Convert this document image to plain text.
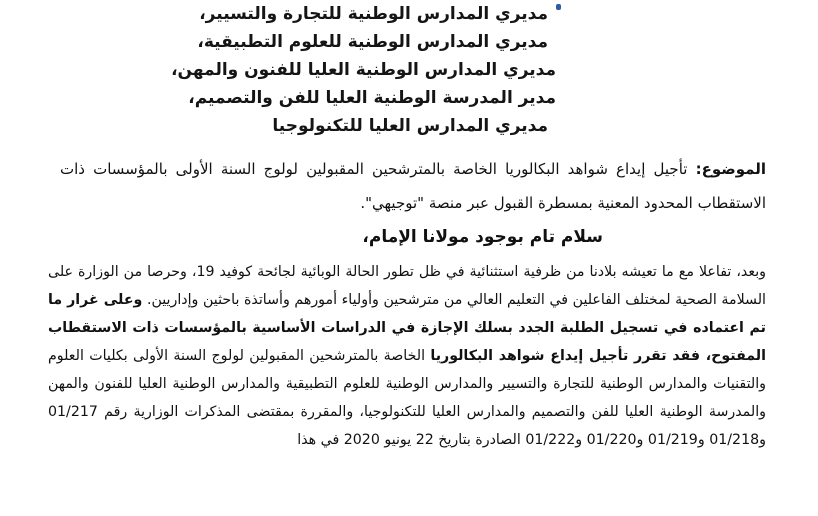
مديري المدارس الوطنية للتجارة والتسيير،
مديري المدارس الوطنية للعلوم التطبيقية،
مديري المدارس الوطنية العليا للفنون والمهن،
مدير المدرسة الوطنية العليا للفن والتصميم،
مديري المدارس العليا للتكنولوجيا
الموضوع: تأجيل إيداع شواهد البكالوريا الخاصة بالمترشحين المقبولين لولوج السنة الأولى بالمؤسسات ذات الاستقطاب المحدود المعنية بمسطرة القبول عبر منصة "توجيهي".
سلام تام بوجود مولانا الإمام،
وبعد، تفاعلا مع ما تعيشه بلادنا من ظرفية استثنائية في ظل تطور الحالة الوبائية لجائحة كوفيد 19، وحرصا من الوزارة على السلامة الصحية لمختلف الفاعلين في التعليم العالي من مترشحين وأولياء أمورهم وأساتذة باحثين وإداريين. وعلى غرار ما تم اعتماده في تسجيل الطلبة الجدد بسلك الإجازة في الدراسات الأساسية بالمؤسسات ذات الاستقطاب المفتوح، فقد تقرر تأجيل إيداع شواهد البكالوريا الخاصة بالمترشحين المقبولين لولوج السنة الأولى بكليات العلوم والتقنيات والمدارس الوطنية للتجارة والتسيير والمدارس الوطنية للعلوم التطبيقية والمدارس الوطنية العليا للفنون والمهن والمدرسة الوطنية العليا للفن والتصميم والمدارس العليا للتكنولوجيا، والمقررة بمقتضى المذكرات الوزارية رقم 01/217 و01/218 و01/219 و01/220 و01/222 الصادرة بتاريخ 22 يونيو 2020 في هذا
